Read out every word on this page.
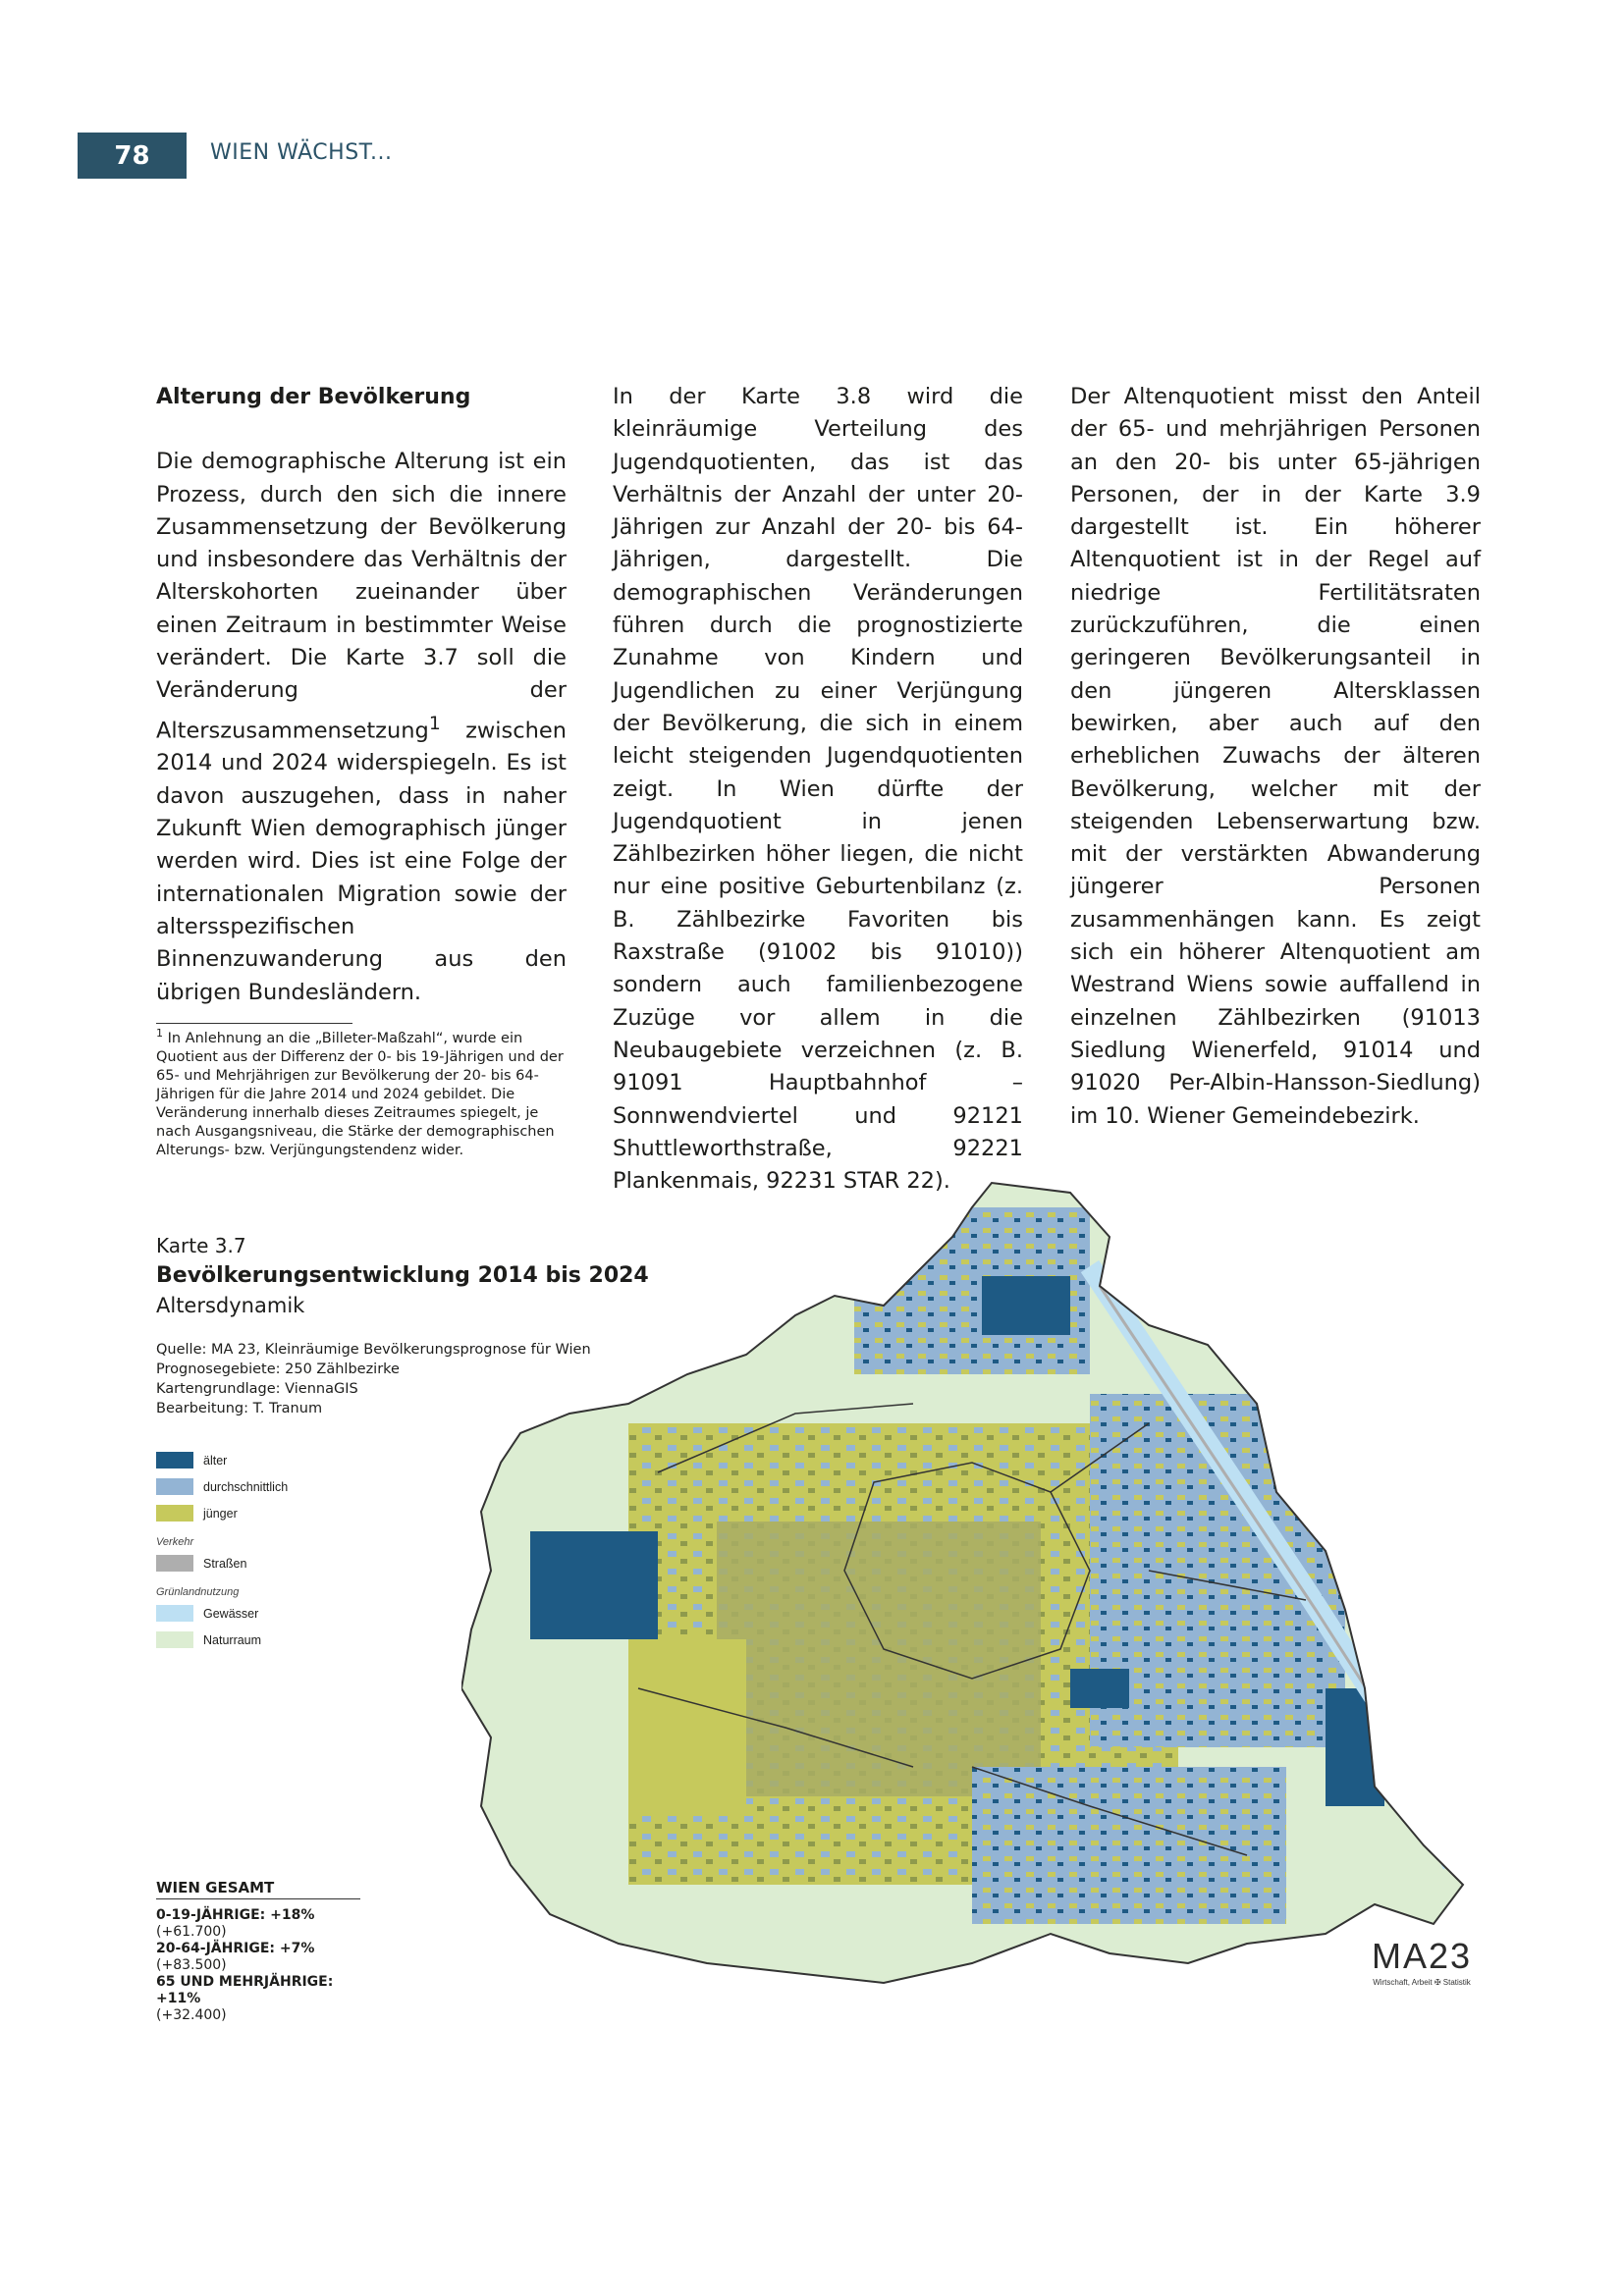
78	WIEN WÄCHST...

Alterung der Bevölkerung

Die demographische Alterung ist ein Prozess, durch den sich die innere Zusammensetzung der Bevölkerung und insbesondere das Verhältnis der Alterskohorten zueinander über einen Zeitraum in bestimmter Weise verändert. Die Karte 3.7 soll die Veränderung der Alterszusammensetzung$^1$ zwischen 2014 und 2024 widerspiegeln. Es ist davon auszugehen, dass in naher Zukunft Wien demographisch jünger werden wird. Dies ist eine Folge der internationalen Migration sowie der altersspezifischen Binnenzuwanderung aus den übrigen Bundesländern.

$^1$ In Anlehnung an die „Billeter-Maßzahl“, wurde ein Quotient aus der Differenz der 0- bis 19-Jährigen und der 65- und Mehrjährigen zur Bevölkerung der 20- bis 64-Jährigen für die Jahre 2014 und 2024 gebildet. Die Veränderung innerhalb dieses Zeitraumes spiegelt, je nach Ausgangsniveau, die Stärke der demographischen Alterungs- bzw. Verjüngungstendenz wider.

In der Karte 3.8 wird die kleinräumige Verteilung des Jugendquotienten, das ist das Verhältnis der Anzahl der unter 20-Jährigen zur Anzahl der 20- bis 64-Jährigen, dargestellt. Die demographischen Veränderungen führen durch die prognostizierte Zunahme von Kindern und Jugendlichen zu einer Verjüngung der Bevölkerung, die sich in einem leicht steigenden Jugendquotienten zeigt. In Wien dürfte der Jugendquotient in jenen Zählbezirken höher liegen, die nicht nur eine positive Geburtenbilanz (z. B. Zählbezirke Favoriten bis Raxstraße (91002 bis 91010)) sondern auch familienbezogene Zuzüge vor allem in die Neubaugebiete verzeichnen (z. B. 91091 Hauptbahnhof – Sonnwendviertel und 92121 Shuttleworthstraße, 92221 Plankenmais, 92231 STAR 22).

Der Altenquotient misst den Anteil der 65- und mehrjährigen Personen an den 20- bis unter 65-jährigen Personen, der in der Karte 3.9 dargestellt ist. Ein höherer Altenquotient ist in der Regel auf niedrige Fertilitätsraten zurückzuführen, die einen geringeren Bevölkerungsanteil in den jüngeren Altersklassen bewirken, aber auch auf den erheblichen Zuwachs der älteren Bevölkerung, welcher mit der steigenden Lebenserwartung bzw. mit der verstärkten Abwanderung jüngerer Personen zusammenhängen kann. Es zeigt sich ein höherer Altenquotient am Westrand Wiens sowie auffallend in einzelnen Zählbezirken (91013 Siedlung Wienerfeld, 91014 und 91020 Per-Albin-Hansson-Siedlung) im 10. Wiener Gemeindebezirk.

Karte 3.7

Bevölkerungsentwicklung 2014 bis 2024

Altersdynamik

Quelle: MA 23, Kleinräumige Bevölkerungsprognose für Wien
Prognosegebiete: 250 Zählbezirke
Kartengrundlage: ViennaGIS
Bearbeitung: T. Tranum
älter
durchschnittlich
jünger
Verkehr
Straßen
Grünlandnutzung
Gewässer
Naturraum
WIEN GESAMT
0-19-JÄHRIGE: +18%
(+61.700)
20-64-JÄHRIGE: +7%
(+83.500)
65 UND MEHRJÄHRIGE: +11%
(+32.400)
MA23
Wirtschaft, Arbeit ✠ Statistik
